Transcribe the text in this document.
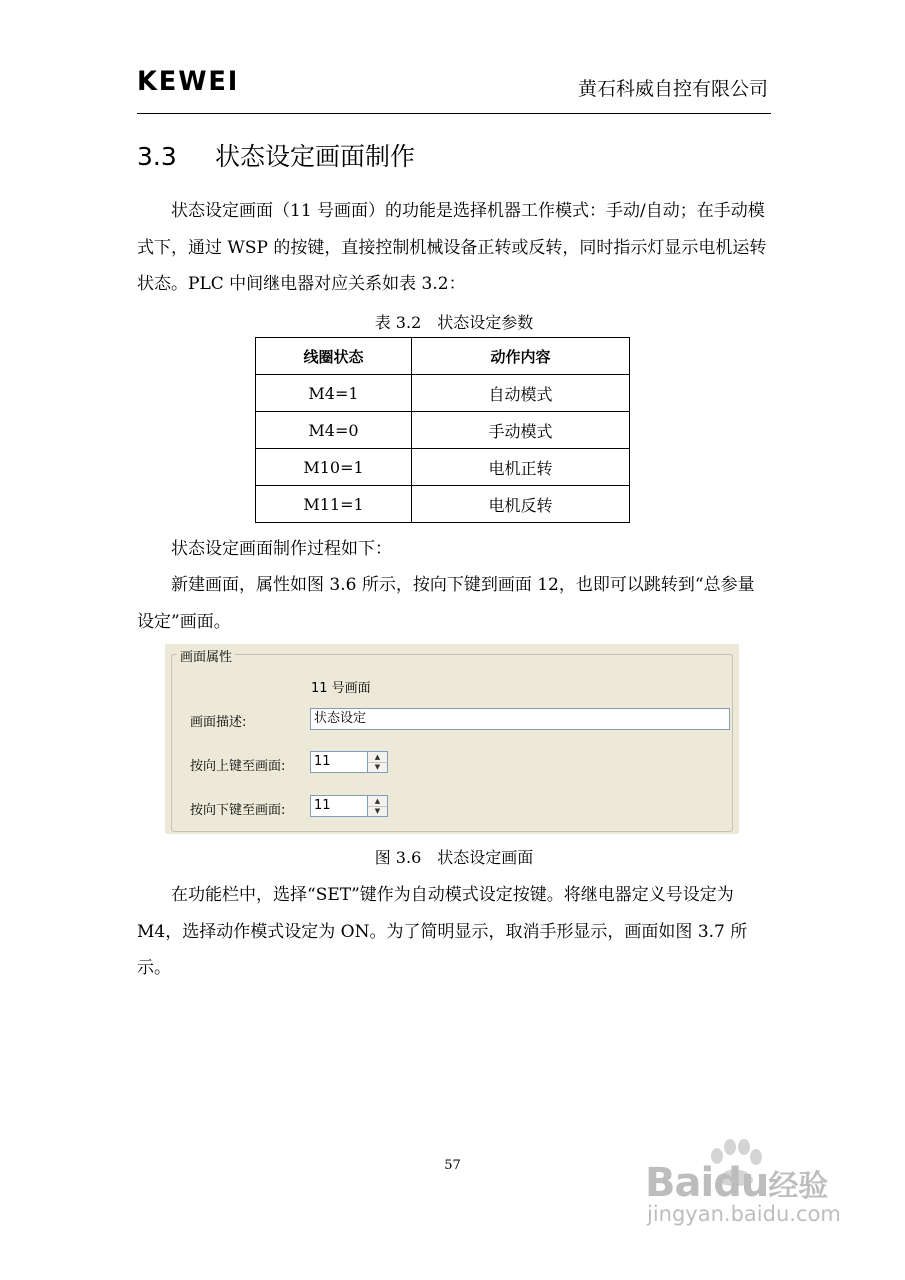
KEWEI	黄石科威自控有限公司
3.3 状态设定画面制作
状态设定画面（11 号画面）的功能是选择机器工作模式：手动/自动；在手动模式下，通过 WSP 的按键，直接控制机械设备正转或反转，同时指示灯显示电机运转状态。PLC 中间继电器对应关系如表 3.2：
表 3.2　状态设定参数
线圈状态	动作内容
M4=1	自动模式
M4=0	手动模式
M10=1	电机正转
M11=1	电机反转
状态设定画面制作过程如下：
新建画面，属性如图 3.6 所示，按向下键到画面 12，也即可以跳转到“总参量设定”画面。
画面属性
11 号画面
画面描述:	状态设定
按向上键至画面:	11	▲
▼
按向下键至画面:	11	▲
▼
图 3.6　状态设定画面
在功能栏中，选择“SET”键作为自动模式设定按键。将继电器定义号设定为 M4，选择动作模式设定为 ON。为了简明显示，取消手形显示，画面如图 3.7 所示。
57	Baidu经验
jingyan.baidu.com
